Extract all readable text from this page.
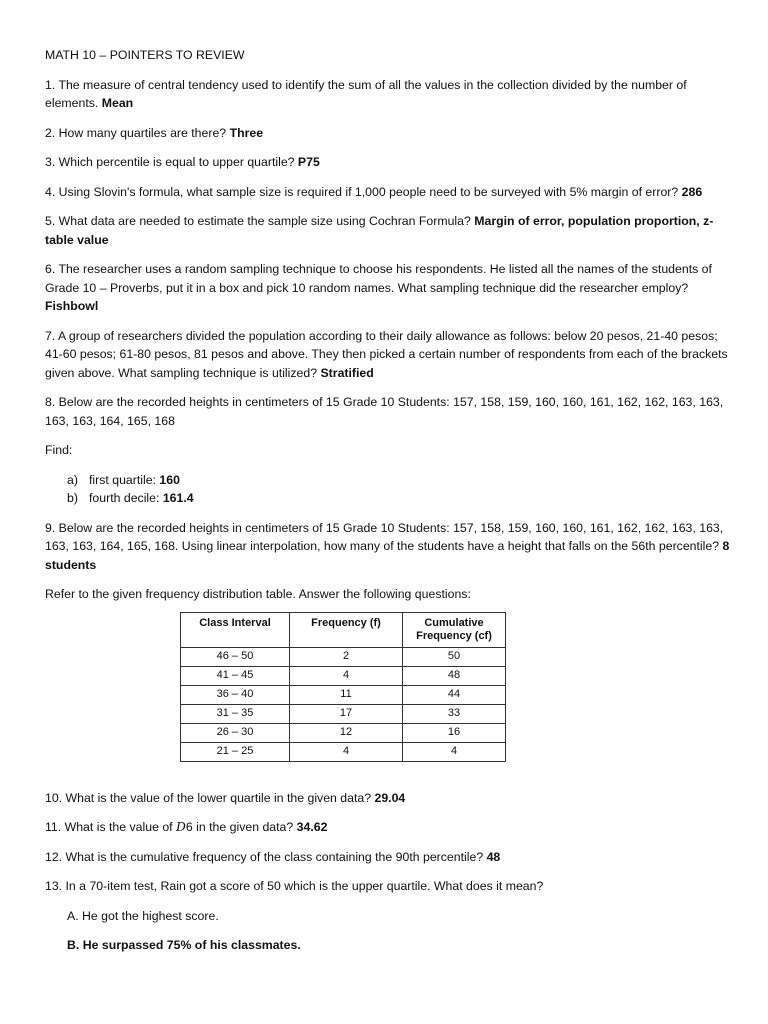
MATH 10 – POINTERS TO REVIEW

1. The measure of central tendency used to identify the sum of all the values in the collection divided by the number of elements. Mean

2. How many quartiles are there? Three

3. Which percentile is equal to upper quartile? P75

4. Using Slovin's formula, what sample size is required if 1,000 people need to be surveyed with 5% margin of error? 286

5. What data are needed to estimate the sample size using Cochran Formula? Margin of error, population proportion, z-table value

6. The researcher uses a random sampling technique to choose his respondents. He listed all the names of the students of Grade 10 – Proverbs, put it in a box and pick 10 random names. What sampling technique did the researcher employ? Fishbowl

7. A group of researchers divided the population according to their daily allowance as follows: below 20 pesos, 21-40 pesos; 41-60 pesos; 61-80 pesos, 81 pesos and above. They then picked a certain number of respondents from each of the brackets given above. What sampling technique is utilized? Stratified

8. Below are the recorded heights in centimeters of 15 Grade 10 Students: 157, 158, 159, 160, 160, 161, 162, 162, 163, 163, 163, 163, 164, 165, 168

Find:

a) first quartile: 160
b) fourth decile: 161.4

9. Below are the recorded heights in centimeters of 15 Grade 10 Students: 157, 158, 159, 160, 160, 161, 162, 162, 163, 163, 163, 163, 164, 165, 168. Using linear interpolation, how many of the students have a height that falls on the 56th percentile? 8 students

Refer to the given frequency distribution table. Answer the following questions:

Class Interval	Frequency (f)	Cumulative Frequency (cf)
46 – 50	2	50
41 – 45	4	48
36 – 40	11	44
31 – 35	17	33
26 – 30	12	16
21 – 25	4	4

10. What is the value of the lower quartile in the given data? 29.04

11. What is the value of D6 in the given data? 34.62

12. What is the cumulative frequency of the class containing the 90th percentile? 48

13. In a 70-item test, Rain got a score of 50 which is the upper quartile. What does it mean?

A. He got the highest score.

B. He surpassed 75% of his classmates.
